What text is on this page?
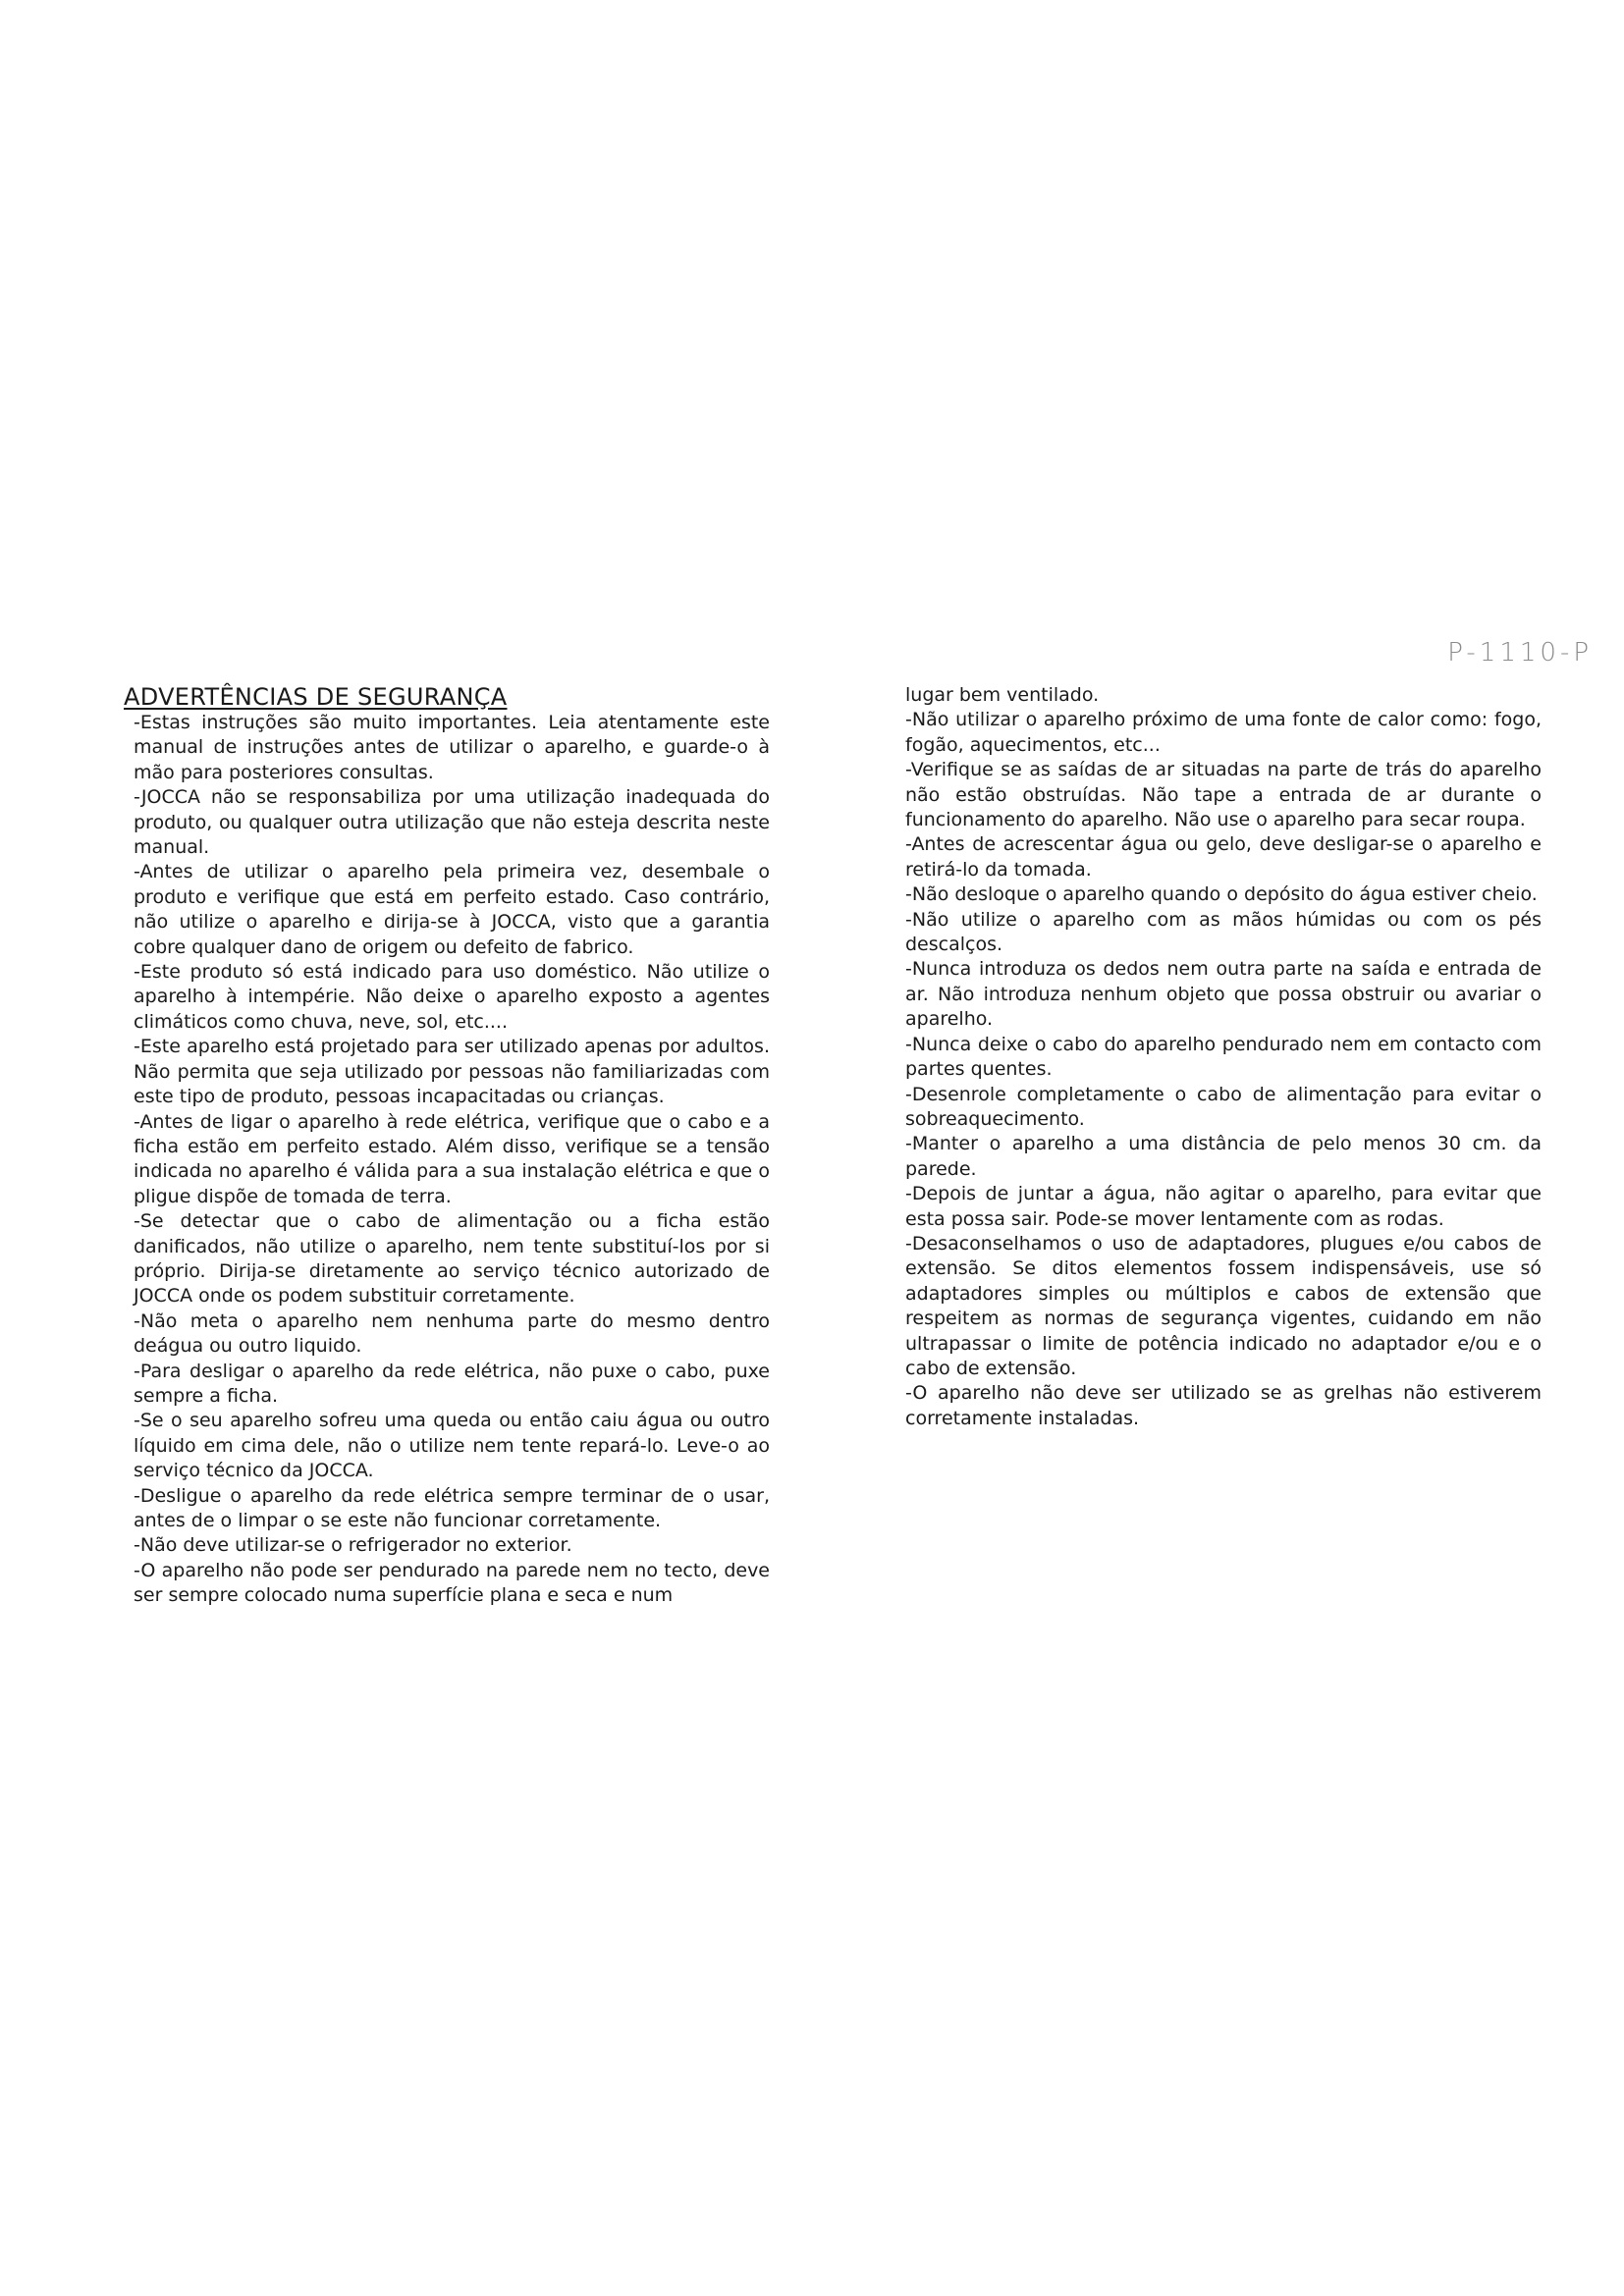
P-1110-P
ADVERTÊNCIAS DE SEGURANÇA

-Estas instruções são muito importantes. Leia atentamente este manual de instruções antes de utilizar o aparelho, e guarde-o à mão para posteriores consultas.

-JOCCA não se responsabiliza por uma utilização inadequada do produto, ou qualquer outra utilização que não esteja descrita neste manual.

-Antes de utilizar o aparelho pela primeira vez, desembale o produto e verifique que está em perfeito estado. Caso contrário, não utilize o aparelho e dirija-se à JOCCA, visto que a garantia cobre qualquer dano de origem ou defeito de fabrico.

-Este produto só está indicado para uso doméstico. Não utilize o aparelho à intempérie. Não deixe o aparelho exposto a agentes climáticos como chuva, neve, sol, etc....

-Este aparelho está projetado para ser utilizado apenas por adultos. Não permita que seja utilizado por pessoas não familiarizadas com este tipo de produto, pessoas incapacitadas ou crianças.

-Antes de ligar o aparelho à rede elétrica, verifique que o cabo e a ficha estão em perfeito estado. Além disso, verifique se a tensão indicada no aparelho é válida para a sua instalação elétrica e que o pligue dispõe de tomada de terra.

-Se detectar que o cabo de alimentação ou a ficha estão danificados, não utilize o aparelho, nem tente substituí-los por si próprio. Dirija-se diretamente ao serviço técnico autorizado de JOCCA onde os podem substituir corretamente.

-Não meta o aparelho nem nenhuma parte do mesmo dentro deágua ou outro liquido.

-Para desligar o aparelho da rede elétrica, não puxe o cabo, puxe sempre a ficha.

-Se o seu aparelho sofreu uma queda ou então caiu água ou outro líquido em cima dele, não o utilize nem tente repará-lo. Leve-o ao serviço técnico da JOCCA.

-Desligue o aparelho da rede elétrica sempre terminar de o usar, antes de o limpar o se este não funcionar corretamente.

-Não deve utilizar-se o refrigerador no exterior.

-O aparelho não pode ser pendurado na parede nem no tecto, deve ser sempre colocado numa superfície plana e seca e num

lugar bem ventilado.

-Não utilizar o aparelho próximo de uma fonte de calor como: fogo, fogão, aquecimentos, etc...

-Verifique se as saídas de ar situadas na parte de trás do aparelho não estão obstruídas. Não tape a entrada de ar durante o funcionamento do aparelho. Não use o aparelho para secar roupa.

-Antes de acrescentar água ou gelo, deve desligar-se o aparelho e retirá-lo da tomada.

-Não desloque o aparelho quando o depósito do água estiver cheio.

-Não utilize o aparelho com as mãos húmidas ou com os pés descalços.

-Nunca introduza os dedos nem outra parte na saída e entrada de ar. Não introduza nenhum objeto que possa obstruir ou avariar o aparelho.

-Nunca deixe o cabo do aparelho pendurado nem em contacto com partes quentes.

-Desenrole completamente o cabo de alimentação para evitar o sobreaquecimento.

-Manter o aparelho a uma distância de pelo menos 30 cm. da parede.

-Depois de juntar a água, não agitar o aparelho, para evitar que esta possa sair. Pode-se mover lentamente com as rodas.

-Desaconselhamos o uso de adaptadores, plugues e/ou cabos de extensão. Se ditos elementos fossem indispensáveis, use só adaptadores simples ou múltiplos e cabos de extensão que respeitem as normas de segurança vigentes, cuidando em não ultrapassar o limite de potência indicado no adaptador e/ou e o cabo de extensão.

-O aparelho não deve ser utilizado se as grelhas não estiverem corretamente instaladas.
